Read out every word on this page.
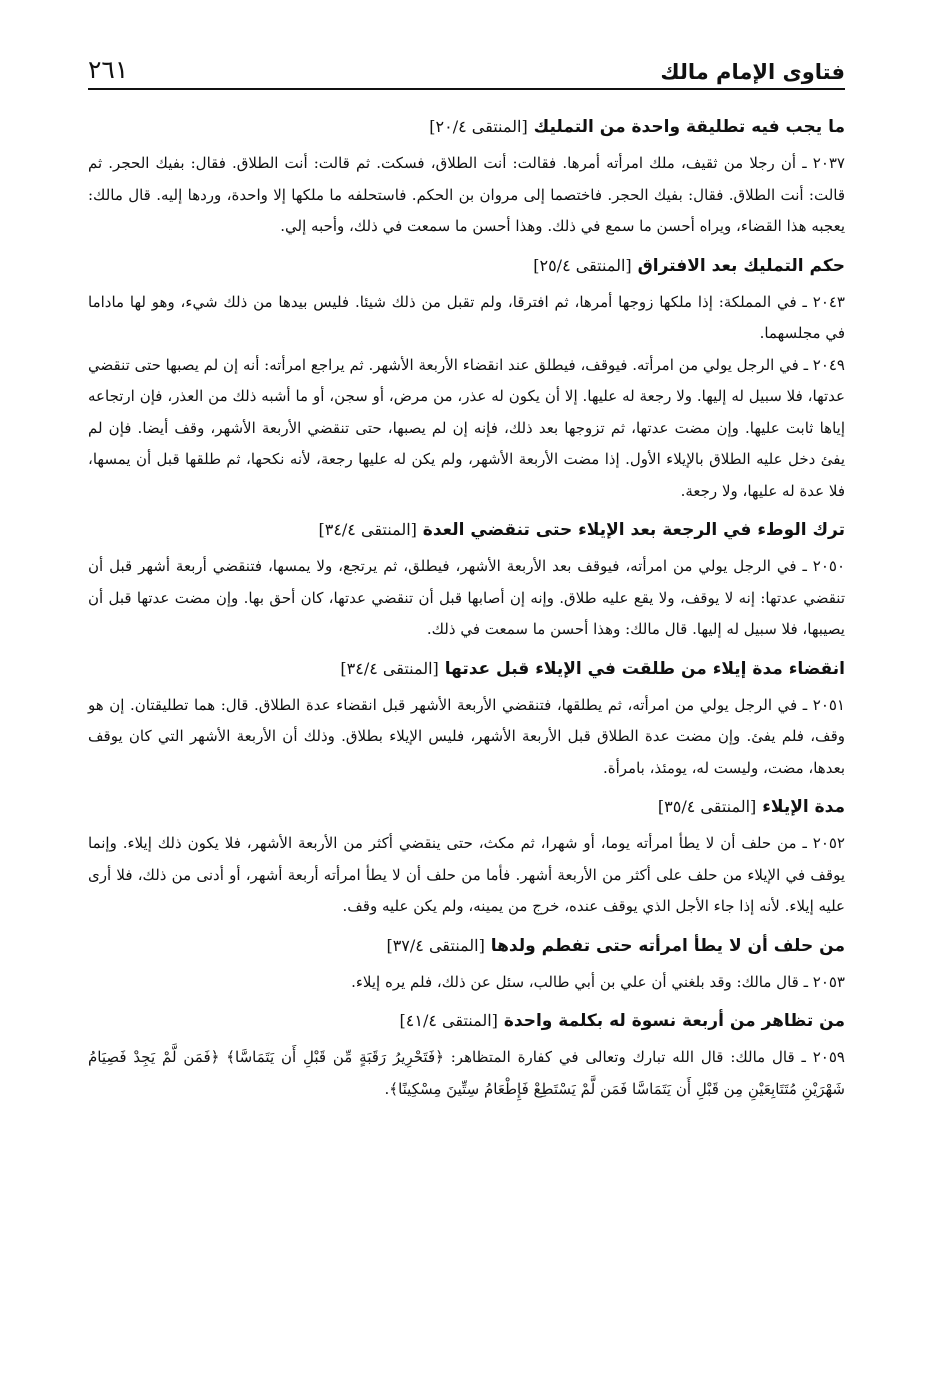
فتاوى الإمام مالك
٢٦١
ما يجب فيه تطليقة واحدة من التمليك [المنتقى ٢٠/٤]

٢٠٣٧ ـ أن رجلا من ثقيف، ملك امرأته أمرها. فقالت: أنت الطلاق، فسكت. ثم قالت: أنت الطلاق. فقال: بفيك الحجر. ثم قالت: أنت الطلاق. فقال: بفيك الحجر. فاختصما إلى مروان بن الحكم. فاستحلفه ما ملكها إلا واحدة، وردها إليه. قال مالك: يعجبه هذا القضاء، ويراه أحسن ما سمع في ذلك. وهذا أحسن ما سمعت في ذلك، وأحبه إلي.

حكم التمليك بعد الافتراق [المنتقى ٢٥/٤]

٢٠٤٣ ـ في المملكة: إذا ملكها زوجها أمرها، ثم افترقا، ولم تقبل من ذلك شيئا. فليس بيدها من ذلك شيء، وهو لها ماداما في مجلسهما.

٢٠٤٩ ـ في الرجل يولي من امرأته. فيوقف، فيطلق عند انقضاء الأربعة الأشهر. ثم يراجع امرأته: أنه إن لم يصبها حتى تنقضي عدتها، فلا سبيل له إليها. ولا رجعة له عليها. إلا أن يكون له عذر، من مرض، أو سجن، أو ما أشبه ذلك من العذر، فإن ارتجاعه إياها ثابت عليها. وإن مضت عدتها، ثم تزوجها بعد ذلك، فإنه إن لم يصبها، حتى تنقضي الأربعة الأشهر، وقف أيضا. فإن لم يفئ دخل عليه الطلاق بالإيلاء الأول. إذا مضت الأربعة الأشهر، ولم يكن له عليها رجعة، لأنه نكحها، ثم طلقها قبل أن يمسها، فلا عدة له عليها، ولا رجعة.

ترك الوطء في الرجعة بعد الإيلاء حتى تنقضي العدة [المنتقى ٣٤/٤]

٢٠٥٠ ـ في الرجل يولي من امرأته، فيوقف بعد الأربعة الأشهر، فيطلق، ثم يرتجع، ولا يمسها، فتنقضي أربعة أشهر قبل أن تنقضي عدتها: إنه لا يوقف، ولا يقع عليه طلاق. وإنه إن أصابها قبل أن تنقضي عدتها، كان أحق بها. وإن مضت عدتها قبل أن يصيبها، فلا سبيل له إليها. قال مالك: وهذا أحسن ما سمعت في ذلك.

انقضاء مدة إيلاء من طلقت في الإيلاء قبل عدتها [المنتقى ٣٤/٤]

٢٠٥١ ـ في الرجل يولي من امرأته، ثم يطلقها، فتنقضي الأربعة الأشهر قبل انقضاء عدة الطلاق. قال: هما تطليقتان. إن هو وقف، فلم يفئ. وإن مضت عدة الطلاق قبل الأربعة الأشهر، فليس الإيلاء بطلاق. وذلك أن الأربعة الأشهر التي كان يوقف بعدها، مضت، وليست له، يومئذ، بامرأة.

مدة الإيلاء [المنتقى ٣٥/٤]

٢٠٥٢ ـ من حلف أن لا يطأ امرأته يوما، أو شهرا، ثم مكث، حتى ينقضي أكثر من الأربعة الأشهر، فلا يكون ذلك إيلاء. وإنما يوقف في الإيلاء من حلف على أكثر من الأربعة أشهر. فأما من حلف أن لا يطأ امرأته أربعة أشهر، أو أدنى من ذلك، فلا أرى عليه إيلاء. لأنه إذا جاء الأجل الذي يوقف عنده، خرج من يمينه، ولم يكن عليه وقف.

من حلف أن لا يطأ امرأته حتى تفطم ولدها [المنتقى ٣٧/٤]

٢٠٥٣ ـ قال مالك: وقد بلغني أن علي بن أبي طالب، سئل عن ذلك، فلم يره إيلاء.

من تظاهر من أربعة نسوة له بكلمة واحدة [المنتقى ٤١/٤]

٢٠٥٩ ـ قال مالك: قال الله تبارك وتعالى في كفارة المتظاهر: ﴿فَتَحْرِيرُ رَقَبَةٍ مِّن قَبْلِ أَن يَتَمَاسَّا﴾ ﴿فَمَن لَّمْ يَجِدْ فَصِيَامُ شَهْرَيْنِ مُتَتَابِعَيْنِ مِن قَبْلِ أَن يَتَمَاسَّا فَمَن لَّمْ يَسْتَطِعْ فَإِطْعَامُ سِتِّينَ مِسْكِينًا﴾.
